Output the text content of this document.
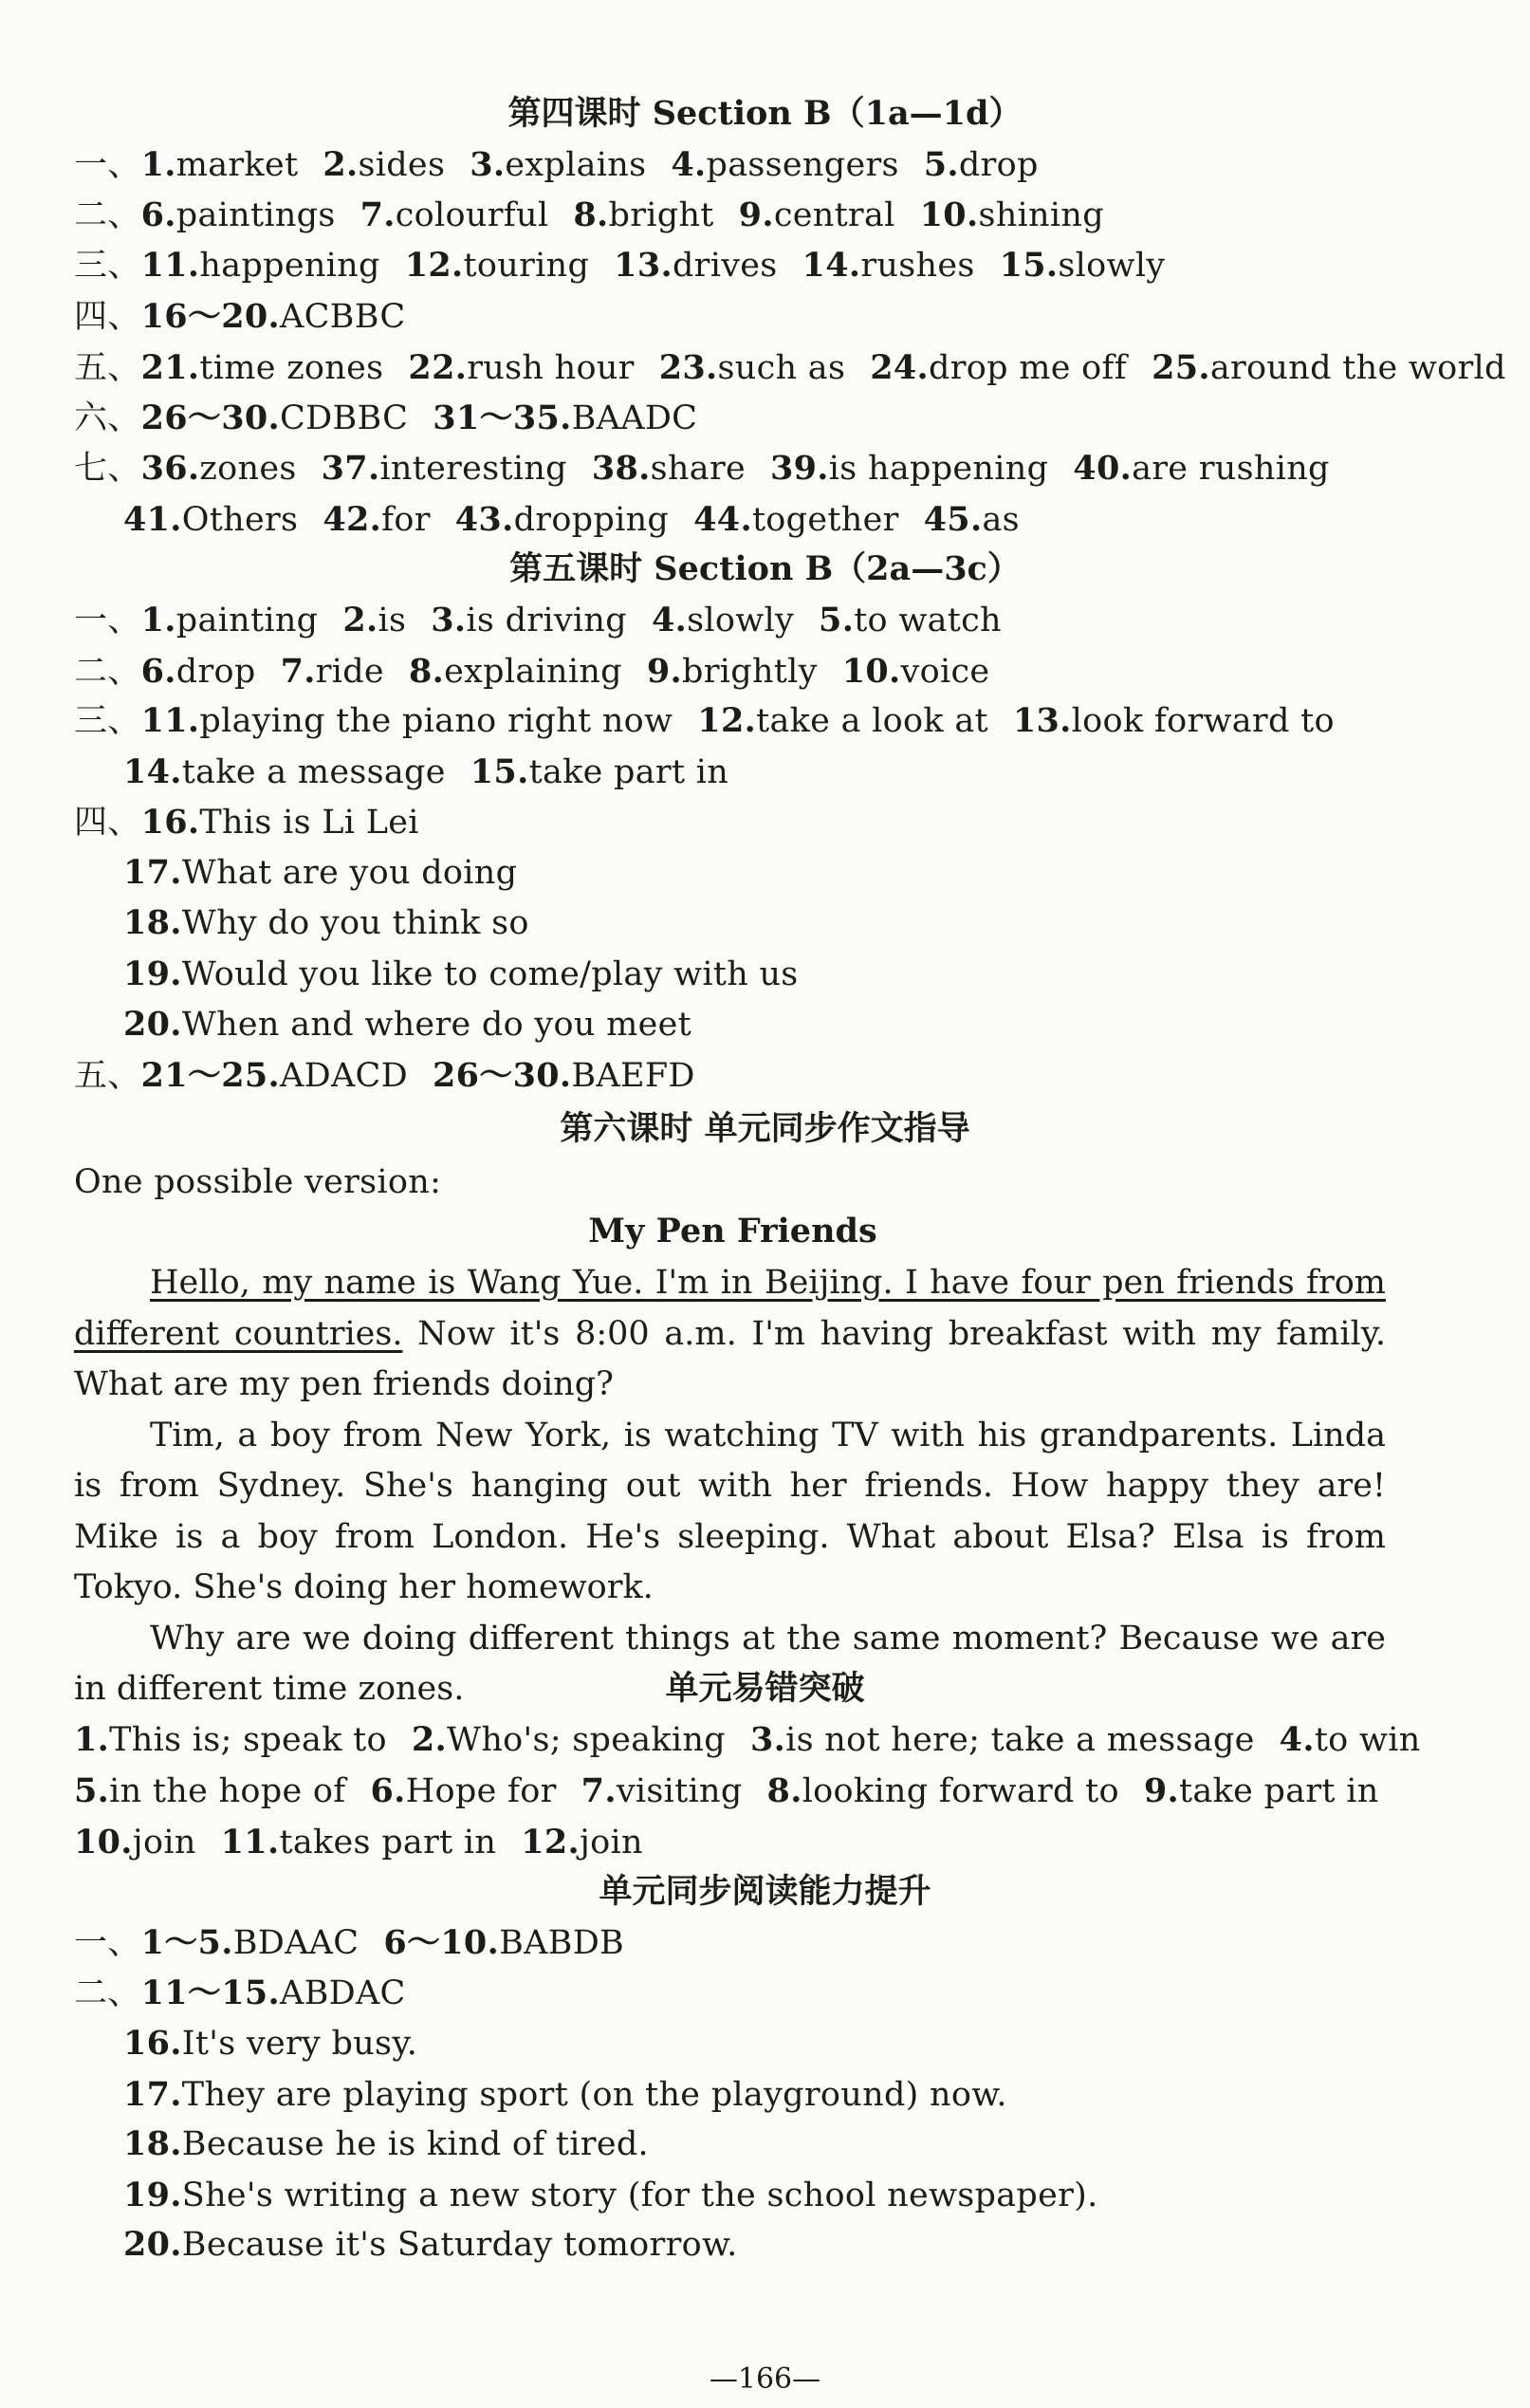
第四课时 Section B（1a—1d）
一、1.market 2.sides 3.explains 4.passengers 5.drop
二、6.paintings 7.colourful 8.bright 9.central 10.shining
三、11.happening 12.touring 13.drives 14.rushes 15.slowly
四、16～20.ACBBC
五、21.time zones 22.rush hour 23.such as 24.drop me off 25.around the world
六、26～30.CDBBC 31～35.BAADC
七、36.zones 37.interesting 38.share 39.is happening 40.are rushing
41.Others 42.for 43.dropping 44.together 45.as
第五课时 Section B（2a—3c）
一、1.painting 2.is 3.is driving 4.slowly 5.to watch
二、6.drop 7.ride 8.explaining 9.brightly 10.voice
三、11.playing the piano right now 12.take a look at 13.look forward to
14.take a message 15.take part in
四、16.This is Li Lei
17.What are you doing
18.Why do you think so
19.Would you like to come/play with us
20.When and where do you meet
五、21～25.ADACD 26～30.BAEFD
第六课时 单元同步作文指导
One possible version:
My Pen Friends

Hello, my name is Wang Yue. I'm in Beijing. I have four pen friends from different countries. Now it's 8:00 a.m. I'm having breakfast with my family. What are my pen friends doing?

Tim, a boy from New York, is watching TV with his grandparents. Linda is from Sydney. She's hanging out with her friends. How happy they are! Mike is a boy from London. He's sleeping. What about Elsa? Elsa is from Tokyo. She's doing her homework.

Why are we doing different things at the same moment? Because we are in different time zones.	单元易错突破
1.This is; speak to 2.Who's; speaking 3.is not here; take a message 4.to win
5.in the hope of 6.Hope for 7.visiting 8.looking forward to 9.take part in
10.join 11.takes part in 12.join
单元同步阅读能力提升
一、1～5.BDAAC 6～10.BABDB
二、11～15.ABDAC
16.It's very busy.
17.They are playing sport (on the playground) now.
18.Because he is kind of tired.
19.She's writing a new story (for the school newspaper).
20.Because it's Saturday tomorrow.
—166—
